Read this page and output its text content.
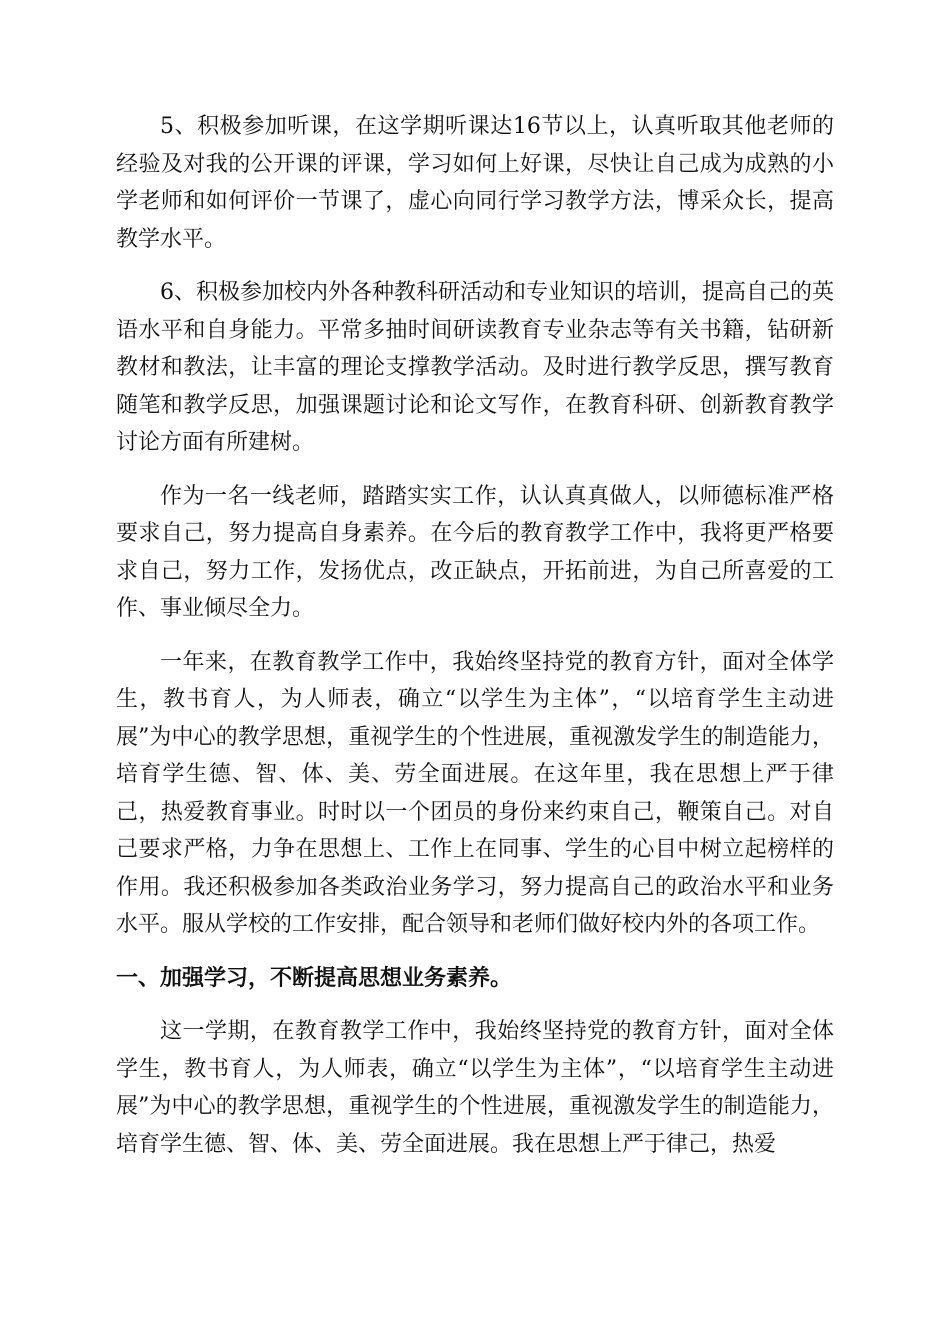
5、积极参加听课，在这学期听课达16节以上，认真听取其他老师的经验及对我的公开课的评课，学习如何上好课，尽快让自己成为成熟的小学老师和如何评价一节课了，虚心向同行学习教学方法，博采众长，提高教学水平。

6、积极参加校内外各种教科研活动和专业知识的培训，提高自己的英语水平和自身能力。平常多抽时间研读教育专业杂志等有关书籍，钻研新教材和教法，让丰富的理论支撑教学活动。及时进行教学反思，撰写教育随笔和教学反思，加强课题讨论和论文写作，在教育科研、创新教育教学讨论方面有所建树。

作为一名一线老师，踏踏实实工作，认认真真做人，以师德标准严格要求自己，努力提高自身素养。在今后的教育教学工作中，我将更严格要求自己，努力工作，发扬优点，改正缺点，开拓前进，为自己所喜爱的工作、事业倾尽全力。

一年来，在教育教学工作中，我始终坚持党的教育方针，面对全体学生，教书育人，为人师表，确立“以学生为主体”，“以培育学生主动进展”为中心的教学思想，重视学生的个性进展，重视激发学生的制造能力，培育学生德、智、体、美、劳全面进展。在这年里，我在思想上严于律己，热爱教育事业。时时以一个团员的身份来约束自己，鞭策自己。对自己要求严格，力争在思想上、工作上在同事、学生的心目中树立起榜样的作用。我还积极参加各类政治业务学习，努力提高自己的政治水平和业务水平。服从学校的工作安排，配合领导和老师们做好校内外的各项工作。

一、加强学习，不断提高思想业务素养。

这一学期，在教育教学工作中，我始终坚持党的教育方针，面对全体学生，教书育人，为人师表，确立“以学生为主体”，“以培育学生主动进展”为中心的教学思想，重视学生的个性进展，重视激发学生的制造能力，培育学生德、智、体、美、劳全面进展。我在思想上严于律己，热爱
